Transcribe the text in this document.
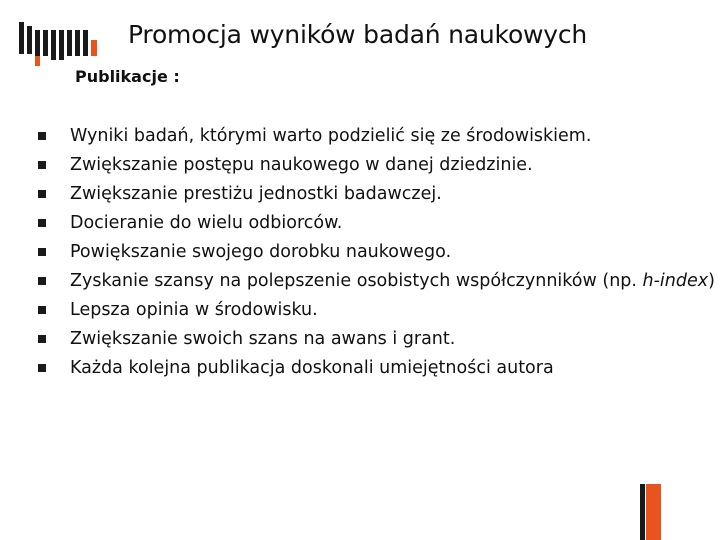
Promocja wyników badań naukowych
Publikacje :
Wyniki badań, którymi warto podzielić się ze środowiskiem.
Zwiększanie postępu naukowego w danej dziedzinie.
Zwiększanie prestiżu jednostki badawczej.
Docieranie do wielu odbiorców.
Powiększanie swojego dorobku naukowego.
Zyskanie szansy na polepszenie osobistych współczynników (np. h-index)
Lepsza opinia w środowisku.
Zwiększanie swoich szans na awans i grant.
Każda kolejna publikacja doskonali umiejętności autora
